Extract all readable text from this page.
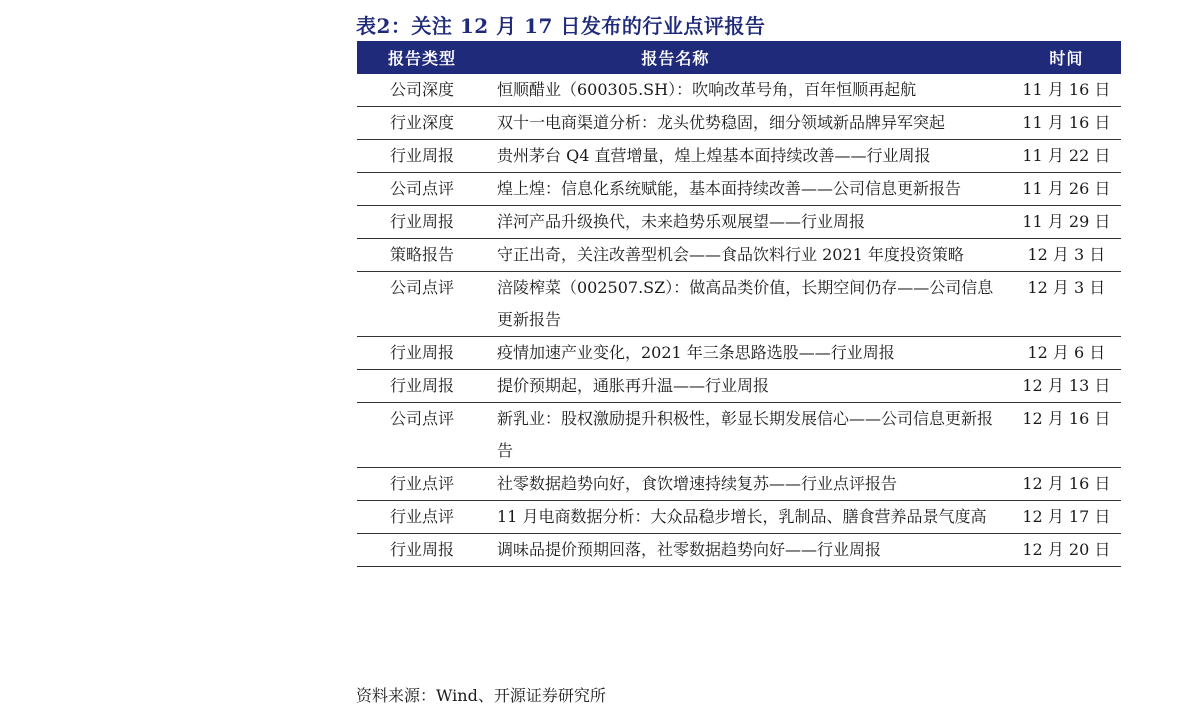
表2：关注 12 月 17 日发布的行业点评报告
报告类型	报告名称	时间
公司深度	恒顺醋业（600305.SH）：吹响改革号角，百年恒顺再起航	11 月 16 日
行业深度	双十一电商渠道分析：龙头优势稳固，细分领域新品牌异军突起	11 月 16 日
行业周报	贵州茅台 Q4 直营增量，煌上煌基本面持续改善——行业周报	11 月 22 日
公司点评	煌上煌：信息化系统赋能，基本面持续改善——公司信息更新报告	11 月 26 日
行业周报	洋河产品升级换代，未来趋势乐观展望——行业周报	11 月 29 日
策略报告	守正出奇，关注改善型机会——食品饮料行业 2021 年度投资策略	12 月 3 日
公司点评	涪陵榨菜（002507.SZ）：做高品类价值，长期空间仍存——公司信息更新报告	12 月 3 日
行业周报	疫情加速产业变化，2021 年三条思路选股——行业周报	12 月 6 日
行业周报	提价预期起，通胀再升温——行业周报	12 月 13 日
公司点评	新乳业：股权激励提升积极性，彰显长期发展信心——公司信息更新报告	12 月 16 日
行业点评	社零数据趋势向好，食饮增速持续复苏——行业点评报告	12 月 16 日
行业点评	11 月电商数据分析：大众品稳步增长，乳制品、膳食营养品景气度高	12 月 17 日
行业周报	调味品提价预期回落，社零数据趋势向好——行业周报	12 月 20 日
资料来源：Wind、开源证券研究所
